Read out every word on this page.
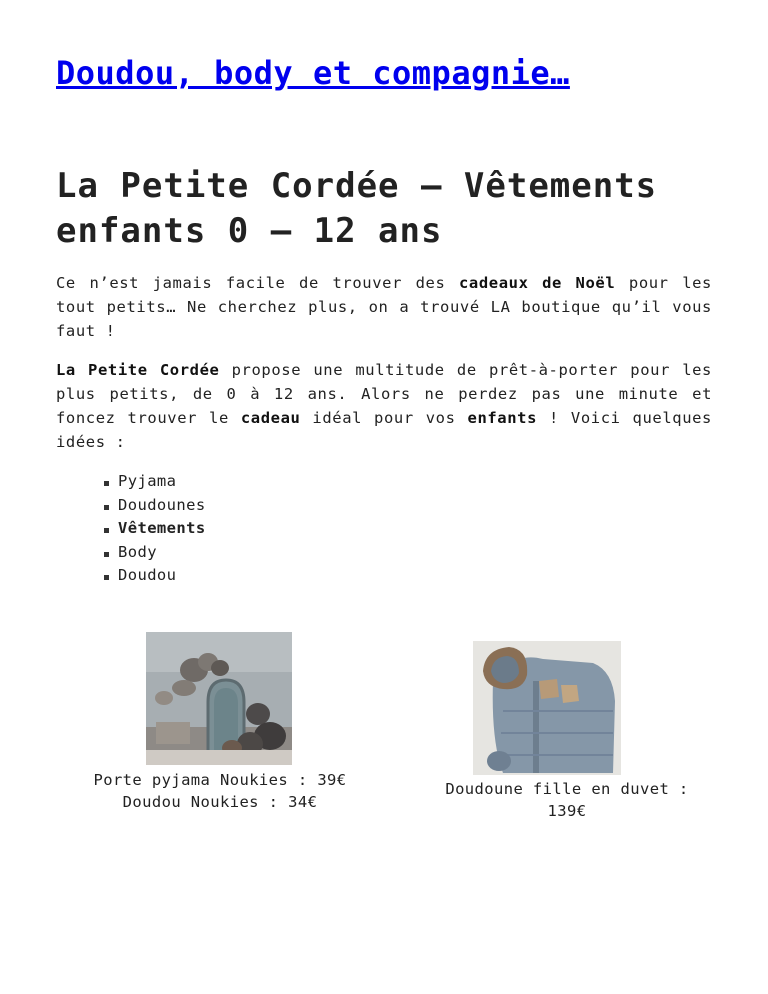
Doudou, body et compagnie…
La Petite Cordée – Vêtements enfants 0 – 12 ans

Ce n’est jamais facile de trouver des cadeaux de Noël pour les tout petits… Ne cherchez plus, on a trouvé LA boutique qu’il vous faut !

La Petite Cordée propose une multitude de prêt-à-porter pour les plus petits, de 0 à 12 ans. Alors ne perdez pas une minute et foncez trouver le cadeau idéal pour vos enfants ! Voici quelques idées :

Pyjama
Doudounes
Vêtements
Body
Doudou

Porte pyjama Noukies : 39€
Doudou Noukies : 34€

Doudoune fille en duvet : 139€
